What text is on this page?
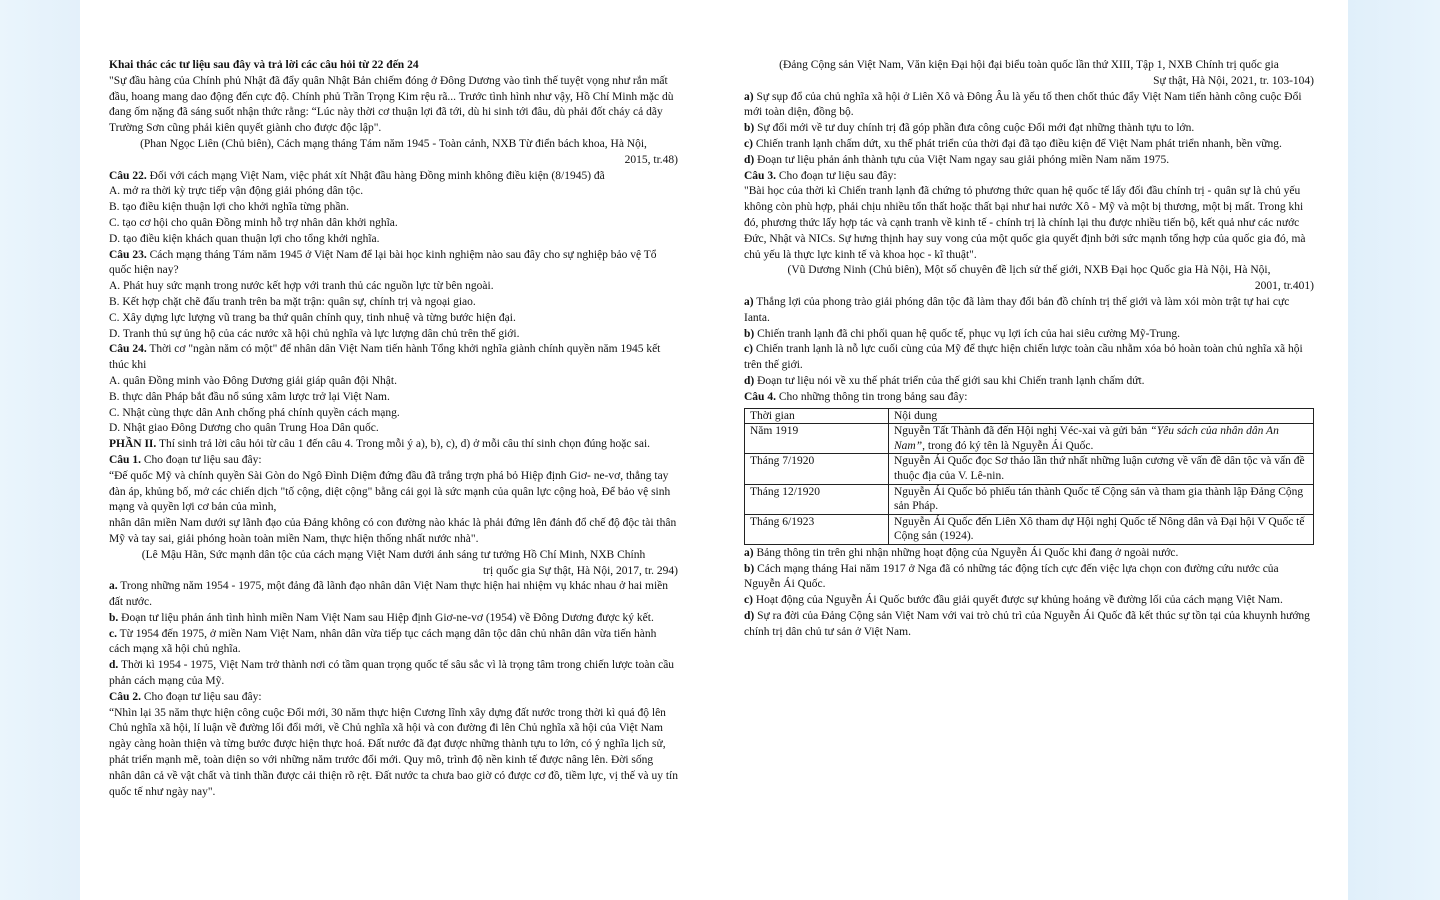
Khai thác các tư liệu sau đây và trả lời các câu hỏi từ 22 đến 24

"Sự đầu hàng của Chính phủ Nhật đã đẩy quân Nhật Bản chiếm đóng ở Đông Dương vào tình thế tuyệt vọng như rắn mất đầu, hoang mang dao động đến cực độ. Chính phủ Trần Trọng Kim rệu rã... Trước tình hình như vậy, Hồ Chí Minh mặc dù đang ốm nặng đã sáng suốt nhận thức rằng: “Lúc này thời cơ thuận lợi đã tới, dù hi sinh tới đâu, dù phải đốt cháy cả dãy Trường Sơn cũng phải kiên quyết giành cho được độc lập".

(Phan Ngọc Liên (Chủ biên), Cách mạng tháng Tám năm 1945 - Toàn cảnh, NXB Từ điển bách khoa, Hà Nội,

2015, tr.48)

Câu 22. Đối với cách mạng Việt Nam, việc phát xít Nhật đầu hàng Đồng minh không điều kiện (8/1945) đã

A. mở ra thời kỳ trực tiếp vận động giải phóng dân tộc.

B. tạo điều kiện thuận lợi cho khởi nghĩa từng phần.

C. tạo cơ hội cho quân Đồng minh hỗ trợ nhân dân khởi nghĩa.

D. tạo điều kiện khách quan thuận lợi cho tổng khởi nghĩa.

Câu 23. Cách mạng tháng Tám năm 1945 ở Việt Nam để lại bài học kinh nghiệm nào sau đây cho sự nghiệp bảo vệ Tổ quốc hiện nay?

A. Phát huy sức mạnh trong nước kết hợp với tranh thủ các nguồn lực từ bên ngoài.

B. Kết hợp chặt chẽ đấu tranh trên ba mặt trận: quân sự, chính trị và ngoại giao.

C. Xây dựng lực lượng vũ trang ba thứ quân chính quy, tinh nhuệ và từng bước hiện đại.

D. Tranh thủ sự ủng hộ của các nước xã hội chủ nghĩa và lực lượng dân chủ trên thế giới.

Câu 24. Thời cơ "ngàn năm có một" để nhân dân Việt Nam tiến hành Tổng khởi nghĩa giành chính quyền năm 1945 kết thúc khi

A. quân Đồng minh vào Đông Dương giải giáp quân đội Nhật.

B. thực dân Pháp bắt đầu nổ súng xâm lược trở lại Việt Nam.

C. Nhật cùng thực dân Anh chống phá chính quyền cách mạng.

D. Nhật giao Đông Dương cho quân Trung Hoa Dân quốc.

PHẦN II. Thí sinh trả lời câu hỏi từ câu 1 đến câu 4. Trong mỗi ý a), b), c), d) ở mỗi câu thí sinh chọn đúng hoặc sai.

Câu 1. Cho đoạn tư liệu sau đây:

“Đế quốc Mỹ và chính quyền Sài Gòn do Ngô Đình Diệm đứng đầu đã trắng trợn phá bỏ Hiệp định Giơ- ne-vơ, thẳng tay đàn áp, khủng bố, mở các chiến dịch "tố cộng, diệt cộng" bằng cái gọi là sức mạnh của quân lực cộng hoà, Để bảo vệ sinh mạng và quyền lợi cơ bản của mình,

nhân dân miền Nam dưới sự lãnh đạo của Đảng không có con đường nào khác là phải đứng lên đánh đổ chế độ độc tài thân Mỹ và tay sai, giải phóng hoàn toàn miền Nam, thực hiện thống nhất nước nhà".

(Lê Mậu Hãn, Sức mạnh dân tộc của cách mạng Việt Nam dưới ánh sáng tư tưởng Hồ Chí Minh, NXB Chính

trị quốc gia Sự thật, Hà Nội, 2017, tr. 294)

a. Trong những năm 1954 - 1975, một đảng đã lãnh đạo nhân dân Việt Nam thực hiện hai nhiệm vụ khác nhau ở hai miền đất nước.

b. Đoạn tư liệu phản ánh tình hình miền Nam Việt Nam sau Hiệp định Giơ-ne-vơ (1954) về Đông Dương được ký kết.

c. Từ 1954 đến 1975, ở miền Nam Việt Nam, nhân dân vừa tiếp tục cách mạng dân tộc dân chủ nhân dân vừa tiến hành cách mạng xã hội chủ nghĩa.

d. Thời kì 1954 - 1975, Việt Nam trở thành nơi có tầm quan trọng quốc tế sâu sắc vì là trọng tâm trong chiến lược toàn cầu phản cách mạng của Mỹ.

Câu 2. Cho đoạn tư liệu sau đây:

“Nhìn lại 35 năm thực hiện công cuộc Đổi mới, 30 năm thực hiện Cương lĩnh xây dựng đất nước trong thời kì quá độ lên Chủ nghĩa xã hội, lí luận về đường lối đổi mới, về Chủ nghĩa xã hội và con đường đi lên Chủ nghĩa xã hội của Việt Nam ngày càng hoàn thiện và từng bước được hiện thực hoá. Đất nước đã đạt được những thành tựu to lớn, có ý nghĩa lịch sử, phát triển mạnh mẽ, toàn diện so với những năm trước đổi mới. Quy mô, trình độ nền kinh tế được nâng lên. Đời sống nhân dân cả về vật chất và tinh thần được cải thiện rõ rệt. Đất nước ta chưa bao giờ có được cơ đồ, tiềm lực, vị thế và uy tín quốc tế như ngày nay".

(Đảng Cộng sản Việt Nam, Văn kiện Đại hội đại biểu toàn quốc lần thứ XIII, Tập 1, NXB Chính trị quốc gia

Sự thật, Hà Nội, 2021, tr. 103-104)

a) Sự sụp đổ của chủ nghĩa xã hội ở Liên Xô và Đông Âu là yếu tố then chốt thúc đẩy Việt Nam tiến hành công cuộc Đổi mới toàn diện, đồng bộ.

b) Sự đổi mới về tư duy chính trị đã góp phần đưa công cuộc Đổi mới đạt những thành tựu to lớn.

c) Chiến tranh lạnh chấm dứt, xu thế phát triển của thời đại đã tạo điều kiện để Việt Nam phát triển nhanh, bền vững.

d) Đoạn tư liệu phản ánh thành tựu của Việt Nam ngay sau giải phóng miền Nam năm 1975.

Câu 3. Cho đoạn tư liệu sau đây:

"Bài học của thời kì Chiến tranh lạnh đã chứng tỏ phương thức quan hệ quốc tế lấy đối đầu chính trị - quân sự là chủ yếu không còn phù hợp, phải chịu nhiều tổn thất hoặc thất bại như hai nước Xô - Mỹ và một bị thương, một bị mất. Trong khi đó, phương thức lấy hợp tác và cạnh tranh về kinh tế - chính trị là chính lại thu được nhiều tiến bộ, kết quả như các nước Đức, Nhật và NICs. Sự hưng thịnh hay suy vong của một quốc gia quyết định bởi sức mạnh tổng hợp của quốc gia đó, mà chủ yếu là thực lực kinh tế và khoa học - kĩ thuật".

(Vũ Dương Ninh (Chủ biên), Một số chuyên đề lịch sử thế giới, NXB Đại học Quốc gia Hà Nội, Hà Nội,

2001, tr.401)

a) Thắng lợi của phong trào giải phóng dân tộc đã làm thay đổi bản đồ chính trị thế giới và làm xói mòn trật tự hai cực Ianta.

b) Chiến tranh lạnh đã chi phối quan hệ quốc tế, phục vụ lợi ích của hai siêu cường Mỹ-Trung.

c) Chiến tranh lạnh là nỗ lực cuối cùng của Mỹ để thực hiện chiến lược toàn cầu nhằm xóa bỏ hoàn toàn chủ nghĩa xã hội trên thế giới.

d) Đoạn tư liệu nói về xu thế phát triển của thế giới sau khi Chiến tranh lạnh chấm dứt.

Câu 4. Cho những thông tin trong bảng sau đây:

Thời gian	Nội dung
Năm 1919	Nguyễn Tất Thành đã đến Hội nghị Véc-xai và gửi bản “Yêu sách của nhân dân An Nam”, trong đó ký tên là Nguyễn Ái Quốc.
Tháng 7/1920	Nguyễn Ái Quốc đọc Sơ thảo lần thứ nhất những luận cương về vấn đề dân tộc và vấn đề thuộc địa của V. Lê-nin.
Tháng 12/1920	Nguyễn Ái Quốc bỏ phiếu tán thành Quốc tế Cộng sản và tham gia thành lập Đảng Cộng sản Pháp.
Tháng 6/1923	Nguyễn Ái Quốc đến Liên Xô tham dự Hội nghị Quốc tế Nông dân và Đại hội V Quốc tế Cộng sản (1924).

a) Bảng thông tin trên ghi nhận những hoạt động của Nguyễn Ái Quốc khi đang ở ngoài nước.

b) Cách mạng tháng Hai năm 1917 ở Nga đã có những tác động tích cực đến việc lựa chọn con đường cứu nước của Nguyễn Ái Quốc.

c) Hoạt động của Nguyễn Ái Quốc bước đầu giải quyết được sự khủng hoảng về đường lối của cách mạng Việt Nam.

d) Sự ra đời của Đảng Cộng sản Việt Nam với vai trò chủ trì của Nguyễn Ái Quốc đã kết thúc sự tồn tại của khuynh hướng chính trị dân chủ tư sản ở Việt Nam.
